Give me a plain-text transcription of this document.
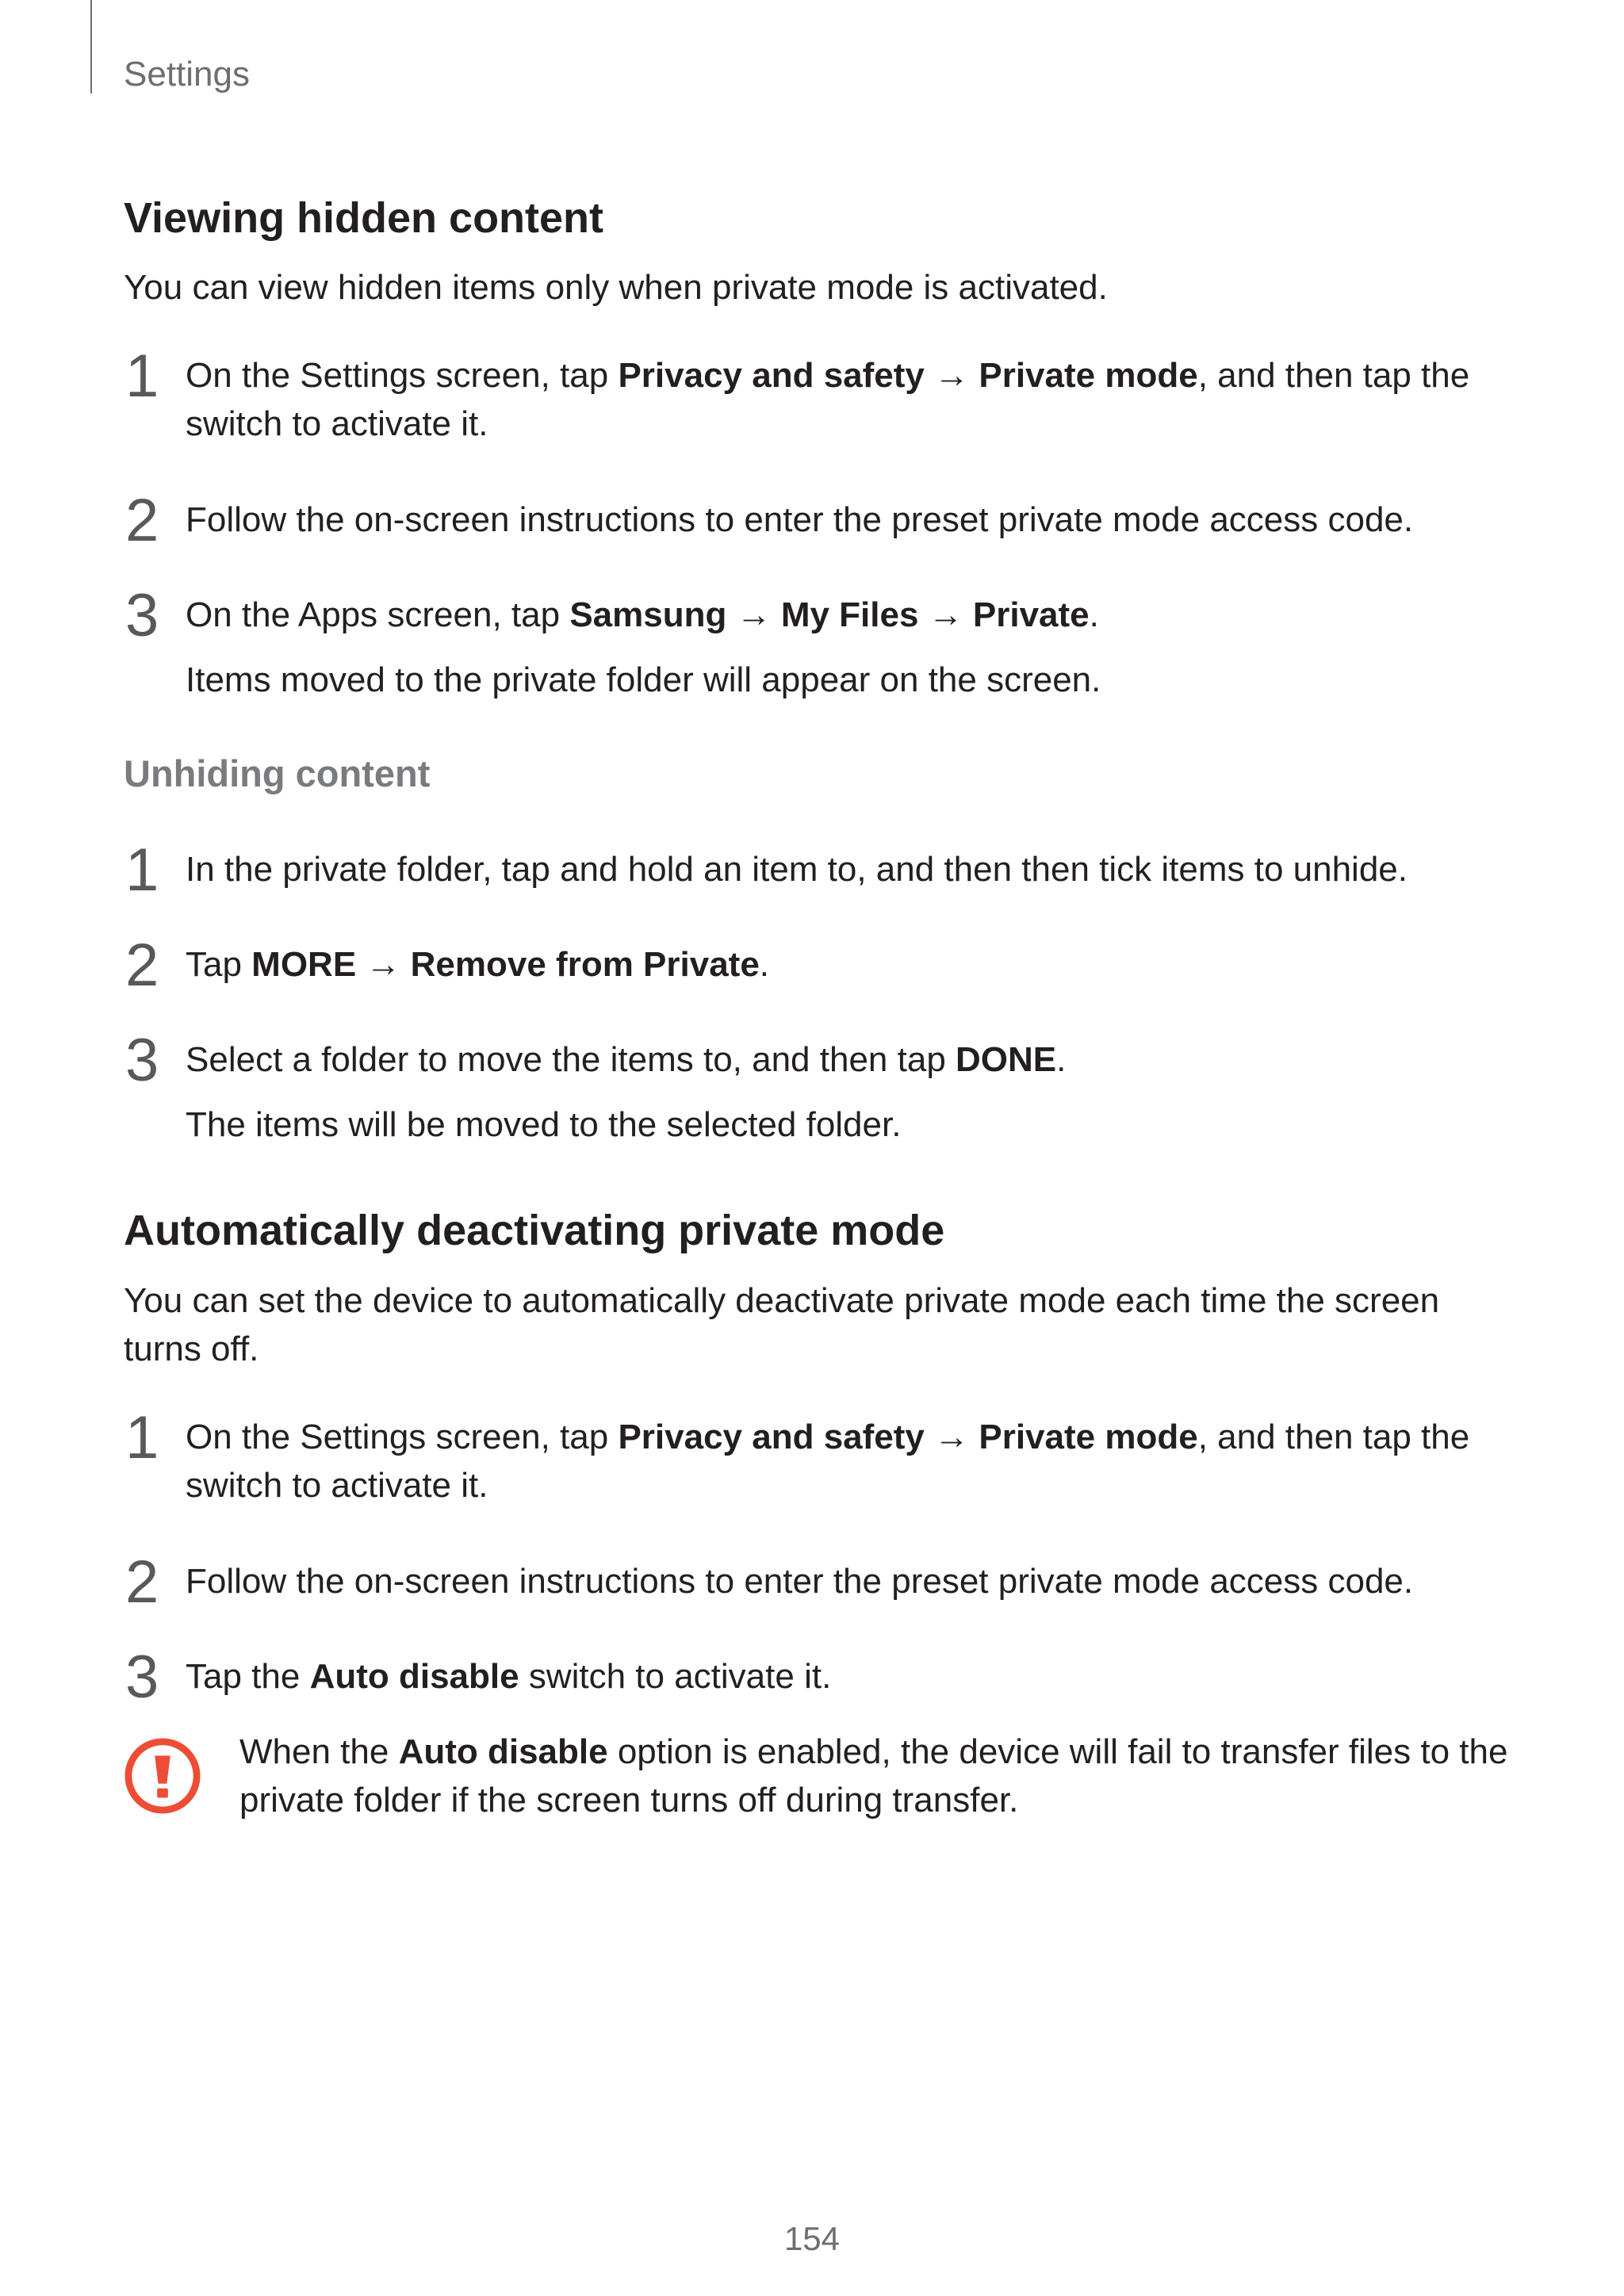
Settings
Viewing hidden content
You can view hidden items only when private mode is activated.
1 On the Settings screen, tap Privacy and safety → Private mode, and then tap the switch to activate it.
2 Follow the on-screen instructions to enter the preset private mode access code.
3 On the Apps screen, tap Samsung → My Files → Private.
Items moved to the private folder will appear on the screen.
Unhiding content
1 In the private folder, tap and hold an item to, and then then tick items to unhide.
2 Tap MORE → Remove from Private.
3 Select a folder to move the items to, and then tap DONE.
The items will be moved to the selected folder.
Automatically deactivating private mode
You can set the device to automatically deactivate private mode each time the screen turns off.
1 On the Settings screen, tap Privacy and safety → Private mode, and then tap the switch to activate it.
2 Follow the on-screen instructions to enter the preset private mode access code.
3 Tap the Auto disable switch to activate it.
When the Auto disable option is enabled, the device will fail to transfer files to the private folder if the screen turns off during transfer.
154
